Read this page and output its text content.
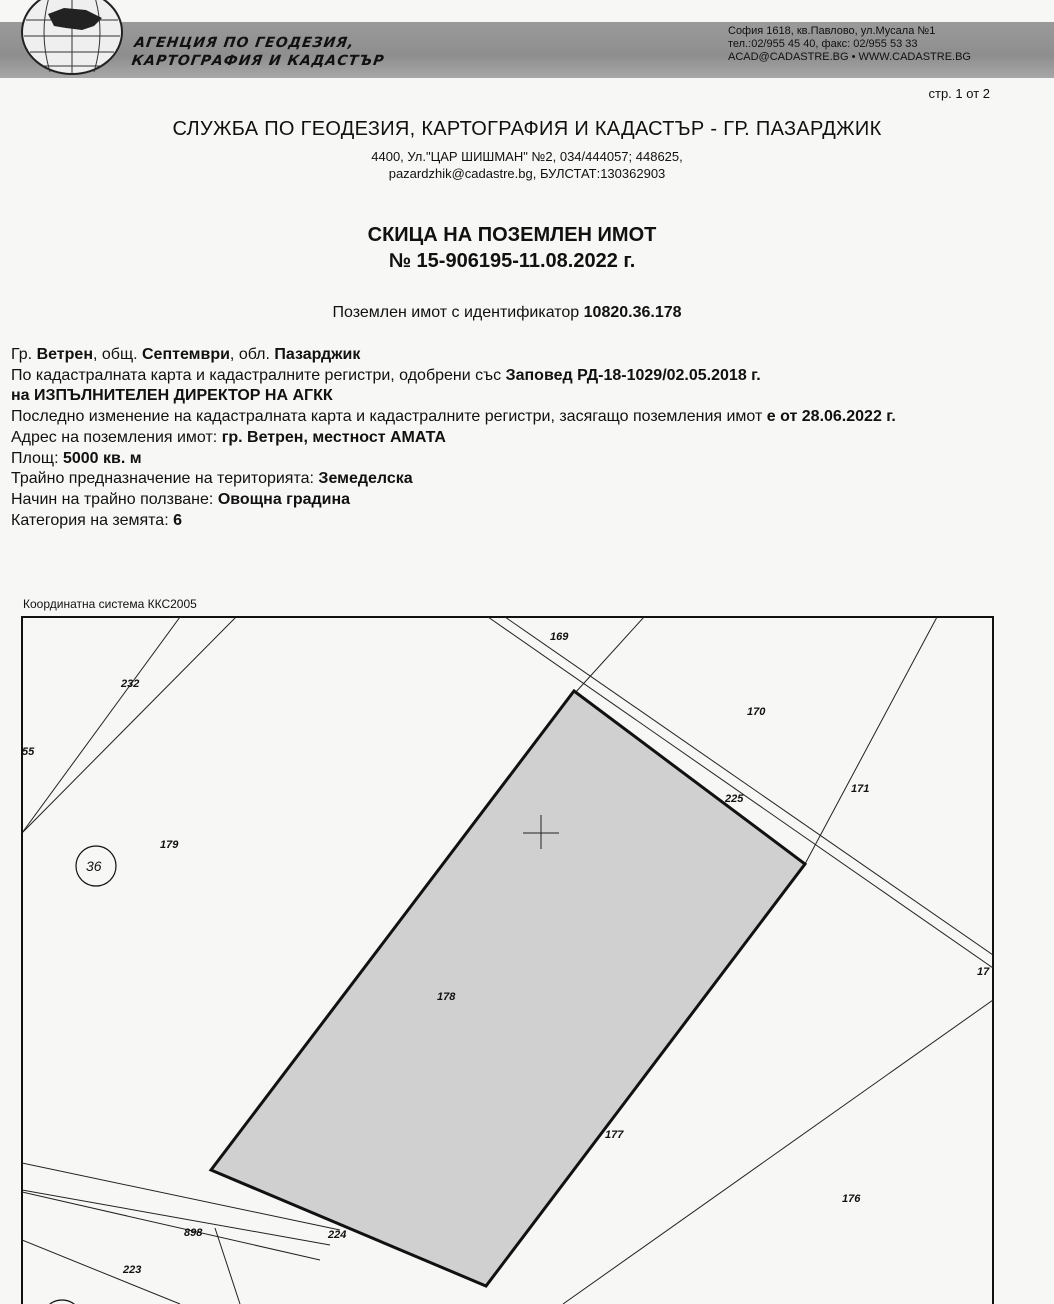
АГЕНЦИЯ ПО ГЕОДЕЗИЯ,
КАРТОГРАФИЯ И КАДАСТЪР
София 1618, кв.Павлово, ул.Мусала №1
тел.:02/955 45 40, факс: 02/955 53 33
ACAD@CADASTRE.BG • WWW.CADASTRE.BG
стр. 1 от 2
СЛУЖБА ПО ГЕОДЕЗИЯ, КАРТОГРАФИЯ И КАДАСТЪР - ГР. ПАЗАРДЖИК
4400, Ул."ЦАР ШИШМАН" №2, 034/444057; 448625,
pazardzhik@cadastre.bg, БУЛСТАТ:130362903
СКИЦА НА ПОЗЕМЛЕН ИМОТ
№ 15-906195-11.08.2022 г.
Поземлен имот с идентификатор 10820.36.178
Гр. Ветрен, общ. Септември, обл. Пазарджик
По кадастралната карта и кадастралните регистри, одобрени със Заповед РД-18-1029/02.05.2018 г.
на ИЗПЪЛНИТЕЛЕН ДИРЕКТОР НА АГКК
Последно изменение на кадастралната карта и кадастралните регистри, засягащо поземления имот е от 28.06.2022 г.
Адрес на поземления имот: гр. Ветрен, местност АМАТА
Площ: 5000 кв. м
Трайно предназначение на територията: Земеделска
Начин на трайно ползване: Овощна градина
Категория на земята: 6
Координатна система ККС2005
36
169
232
170
55
225
171
179
178
177
17
176
898	224
223
